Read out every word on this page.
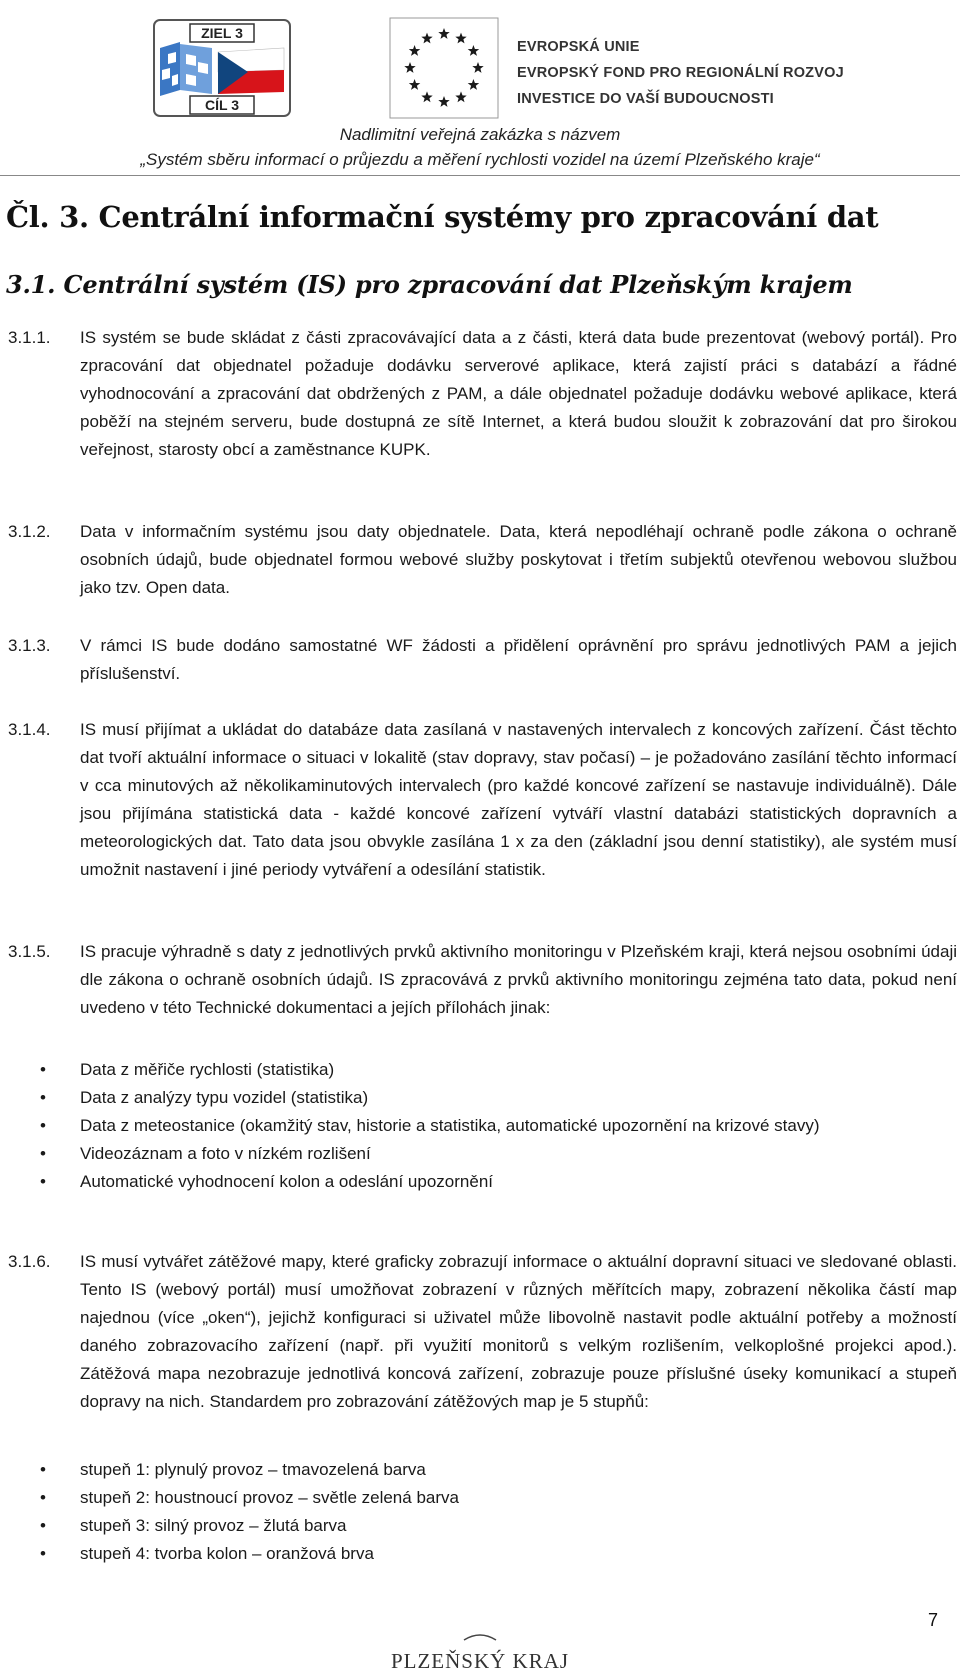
ZIEL 3
CÍL 3
EVROPSKÁ UNIE
EVROPSKÝ FOND PRO REGIONÁLNÍ ROZVOJ
INVESTICE DO VAŠÍ BUDOUCNOSTI
Nadlimitní veřejná zakázka s názvem
„Systém sběru informací o průjezdu a měření rychlosti vozidel na území Plzeňského kraje“
Čl. 3. Centrální informační systémy pro zpracování dat
3.1. Centrální systém (IS) pro zpracování dat Plzeňským krajem
3.1.1. IS systém se bude skládat z části zpracovávající data a z části, která data bude prezentovat (webový portál). Pro zpracování dat objednatel požaduje dodávku serverové aplikace, která zajistí práci s databází a řádné vyhodnocování a zpracování dat obdržených z PAM, a dále objednatel požaduje dodávku webové aplikace, která poběží na stejném serveru, bude dostupná ze sítě Internet, a která budou sloužit k zobrazování dat pro širokou veřejnost, starosty obcí a zaměstnance KUPK.
3.1.2. Data v informačním systému jsou daty objednatele. Data, která nepodléhají ochraně podle zákona o ochraně osobních údajů, bude objednatel formou webové služby poskytovat i třetím subjektů otevřenou webovou službou jako tzv. Open data.
3.1.3. V rámci IS bude dodáno samostatné WF žádosti a přidělení oprávnění pro správu jednotlivých PAM a jejich příslušenství.
3.1.4. IS musí přijímat a ukládat do databáze data zasílaná v nastavených intervalech z koncových zařízení. Část těchto dat tvoří aktuální informace o situaci v lokalitě (stav dopravy, stav počasí) – je požadováno zasílání těchto informací v cca minutových až několikaminutových intervalech (pro každé koncové zařízení se nastavuje individuálně). Dále jsou přijímána statistická data - každé koncové zařízení vytváří vlastní databázi statistických dopravních a meteorologických dat. Tato data jsou obvykle zasílána 1 x za den (základní jsou denní statistiky), ale systém musí umožnit nastavení i jiné periody vytváření a odesílání statistik.
3.1.5. IS pracuje výhradně s daty z jednotlivých prvků aktivního monitoringu v Plzeňském kraji, která nejsou osobními údaji dle zákona o ochraně osobních údajů. IS zpracovává z prvků aktivního monitoringu zejména tato data, pokud není uvedeno v této Technické dokumentaci a jejích přílohách jinak:
• Data z měřiče rychlosti (statistika)
• Data z analýzy typu vozidel (statistika)
• Data z meteostanice (okamžitý stav, historie a statistika, automatické upozornění na krizové stavy)
• Videozáznam a foto v nízkém rozlišení
• Automatické vyhodnocení kolon a odeslání upozornění
3.1.6. IS musí vytvářet zátěžové mapy, které graficky zobrazují informace o aktuální dopravní situaci ve sledované oblasti. Tento IS (webový portál) musí umožňovat zobrazení v různých měřítcích mapy, zobrazení několika částí map najednou (více „oken“), jejichž konfiguraci si uživatel může libovolně nastavit podle aktuální potřeby a možností daného zobrazovacího zařízení (např. při využití monitorů s velkým rozlišením, velkoplošné projekci apod.). Zátěžová mapa nezobrazuje jednotlivá koncová zařízení, zobrazuje pouze příslušné úseky komunikací a stupeň dopravy na nich. Standardem pro zobrazování zátěžových map je 5 stupňů:
• stupeň 1: plynulý provoz – tmavozelená barva
• stupeň 2: houstnoucí provoz – světle zelená barva
• stupeň 3: silný provoz – žlutá barva
• stupeň 4: tvorba kolon – oranžová brva
7
PLZEŇSKÝ KRAJ
